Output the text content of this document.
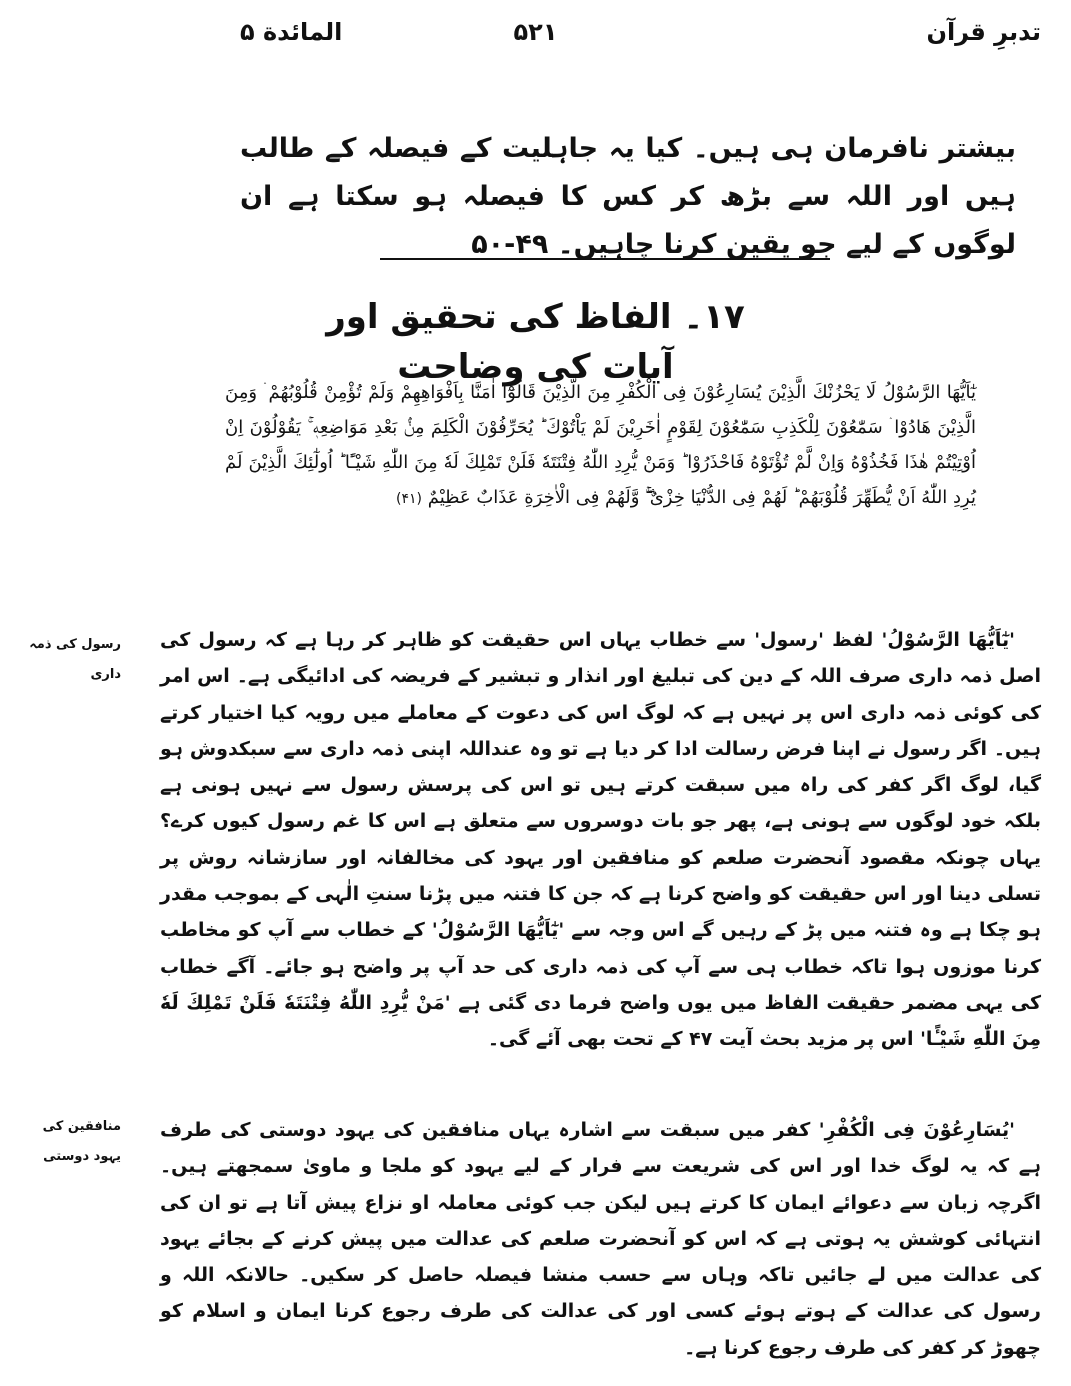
تدبرِ قرآن
۵۲۱
المائدة ۵
بیشتر نافرمان ہی ہیں۔ کیا یہ جاہلیت کے فیصلہ کے طالب ہیں اور اللہ سے بڑھ کر کس کا فیصلہ ہو سکتا ہے ان لوگوں کے لیے جو یقین کرنا چاہیں۔ ۴۹-۵۰
۱۷۔ الفاظ کی تحقیق اور آیات کی وضاحت
یٰٓاَیُّهَا الرَّسُوْلُ لَا یَحْزُنْكَ الَّذِیْنَ یُسَارِعُوْنَ فِی الْكُفْرِ مِنَ الَّذِیْنَ قَالُوْٓا اٰمَنَّا بِاَفْوَاهِهِمْ وَلَمْ تُؤْمِنْ قُلُوْبُهُمْ ۛ وَمِنَ الَّذِیْنَ هَادُوْا ۛ سَمّٰعُوْنَ لِلْكَذِبِ سَمّٰعُوْنَ لِقَوْمٍ اٰخَرِیْنَ لَمْ یَاْتُوْكَ ؕ یُحَرِّفُوْنَ الْكَلِمَ مِنْۢ بَعْدِ مَوَاضِعِهٖ ۚ یَقُوْلُوْنَ اِنْ اُوْتِیْتُمْ هٰذَا فَخُذُوْهُ وَاِنْ لَّمْ تُؤْتَوْهُ فَاحْذَرُوْا ؕ وَمَنْ یُّرِدِ اللّٰهُ فِتْنَتَهٗ فَلَنْ تَمْلِكَ لَهٗ مِنَ اللّٰهِ شَیْـًٔا ؕ اُولٰٓئِكَ الَّذِیْنَ لَمْ یُرِدِ اللّٰهُ اَنْ یُّطَهِّرَ قُلُوْبَهُمْ ؕ لَهُمْ فِی الدُّنْیَا خِزْیٌ ۚۖ وَّلَهُمْ فِی الْاٰخِرَةِ عَذَابٌ عَظِیْمٌ (۴۱)
رسول کی ذمہ داری

'یٰٓاَیُّهَا الرَّسُوْلُ' لفظ 'رسول' سے خطاب یہاں اس حقیقت کو ظاہر کر رہا ہے کہ رسول کی اصل ذمہ داری صرف اللہ کے دین کی تبلیغ اور انذار و تبشیر کے فریضہ کی ادائیگی ہے۔ اس امر کی کوئی ذمہ داری اس پر نہیں ہے کہ لوگ اس کی دعوت کے معاملے میں رویہ کیا اختیار کرتے ہیں۔ اگر رسول نے اپنا فرض رسالت ادا کر دیا ہے تو وہ عنداللہ اپنی ذمہ داری سے سبکدوش ہو گیا، لوگ اگر کفر کی راہ میں سبقت کرتے ہیں تو اس کی پرسش رسول سے نہیں ہونی ہے بلکہ خود لوگوں سے ہونی ہے، پھر جو بات دوسروں سے متعلق ہے اس کا غم رسول کیوں کرے؟ یہاں چونکہ مقصود آنحضرت صلعم کو منافقین اور یہود کی مخالفانہ اور سازشانہ روش پر تسلی دینا اور اس حقیقت کو واضح کرنا ہے کہ جن کا فتنہ میں پڑنا سنتِ الٰہی کے بموجب مقدر ہو چکا ہے وہ فتنہ میں پڑ کے رہیں گے اس وجہ سے 'یٰٓاَیُّهَا الرَّسُوْلُ' کے خطاب سے آپ کو مخاطب کرنا موزوں ہوا تاکہ خطاب ہی سے آپ کی ذمہ داری کی حد آپ پر واضح ہو جائے۔ آگے خطاب کی یہی مضمر حقیقت الفاظ میں یوں واضح فرما دی گئی ہے 'مَنْ یُّرِدِ اللّٰهُ فِتْنَتَهٗ فَلَنْ تَمْلِكَ لَهٗ مِنَ اللّٰهِ شَیْـًٔا' اس پر مزید بحث آیت ۴۷ کے تحت بھی آئے گی۔

منافقین کی یہود دوستی

'یُسَارِعُوْنَ فِی الْكُفْرِ' کفر میں سبقت سے اشارہ یہاں منافقین کی یہود دوستی کی طرف ہے کہ یہ لوگ خدا اور اس کی شریعت سے فرار کے لیے یہود کو ملجا و ماویٰ سمجھتے ہیں۔ اگرچہ زبان سے دعوائے ایمان کا کرتے ہیں لیکن جب کوئی معاملہ او نزاع پیش آتا ہے تو ان کی انتہائی کوشش یہ ہوتی ہے کہ اس کو آنحضرت صلعم کی عدالت میں پیش کرنے کے بجائے یہود کی عدالت میں لے جائیں تاکہ وہاں سے حسب منشا فیصلہ حاصل کر سکیں۔ حالانکہ اللہ و رسول کی عدالت کے ہوتے ہوئے کسی اور کی عدالت کی طرف رجوع کرنا ایمان و اسلام کو چھوڑ کر کفر کی طرف رجوع کرنا ہے۔
